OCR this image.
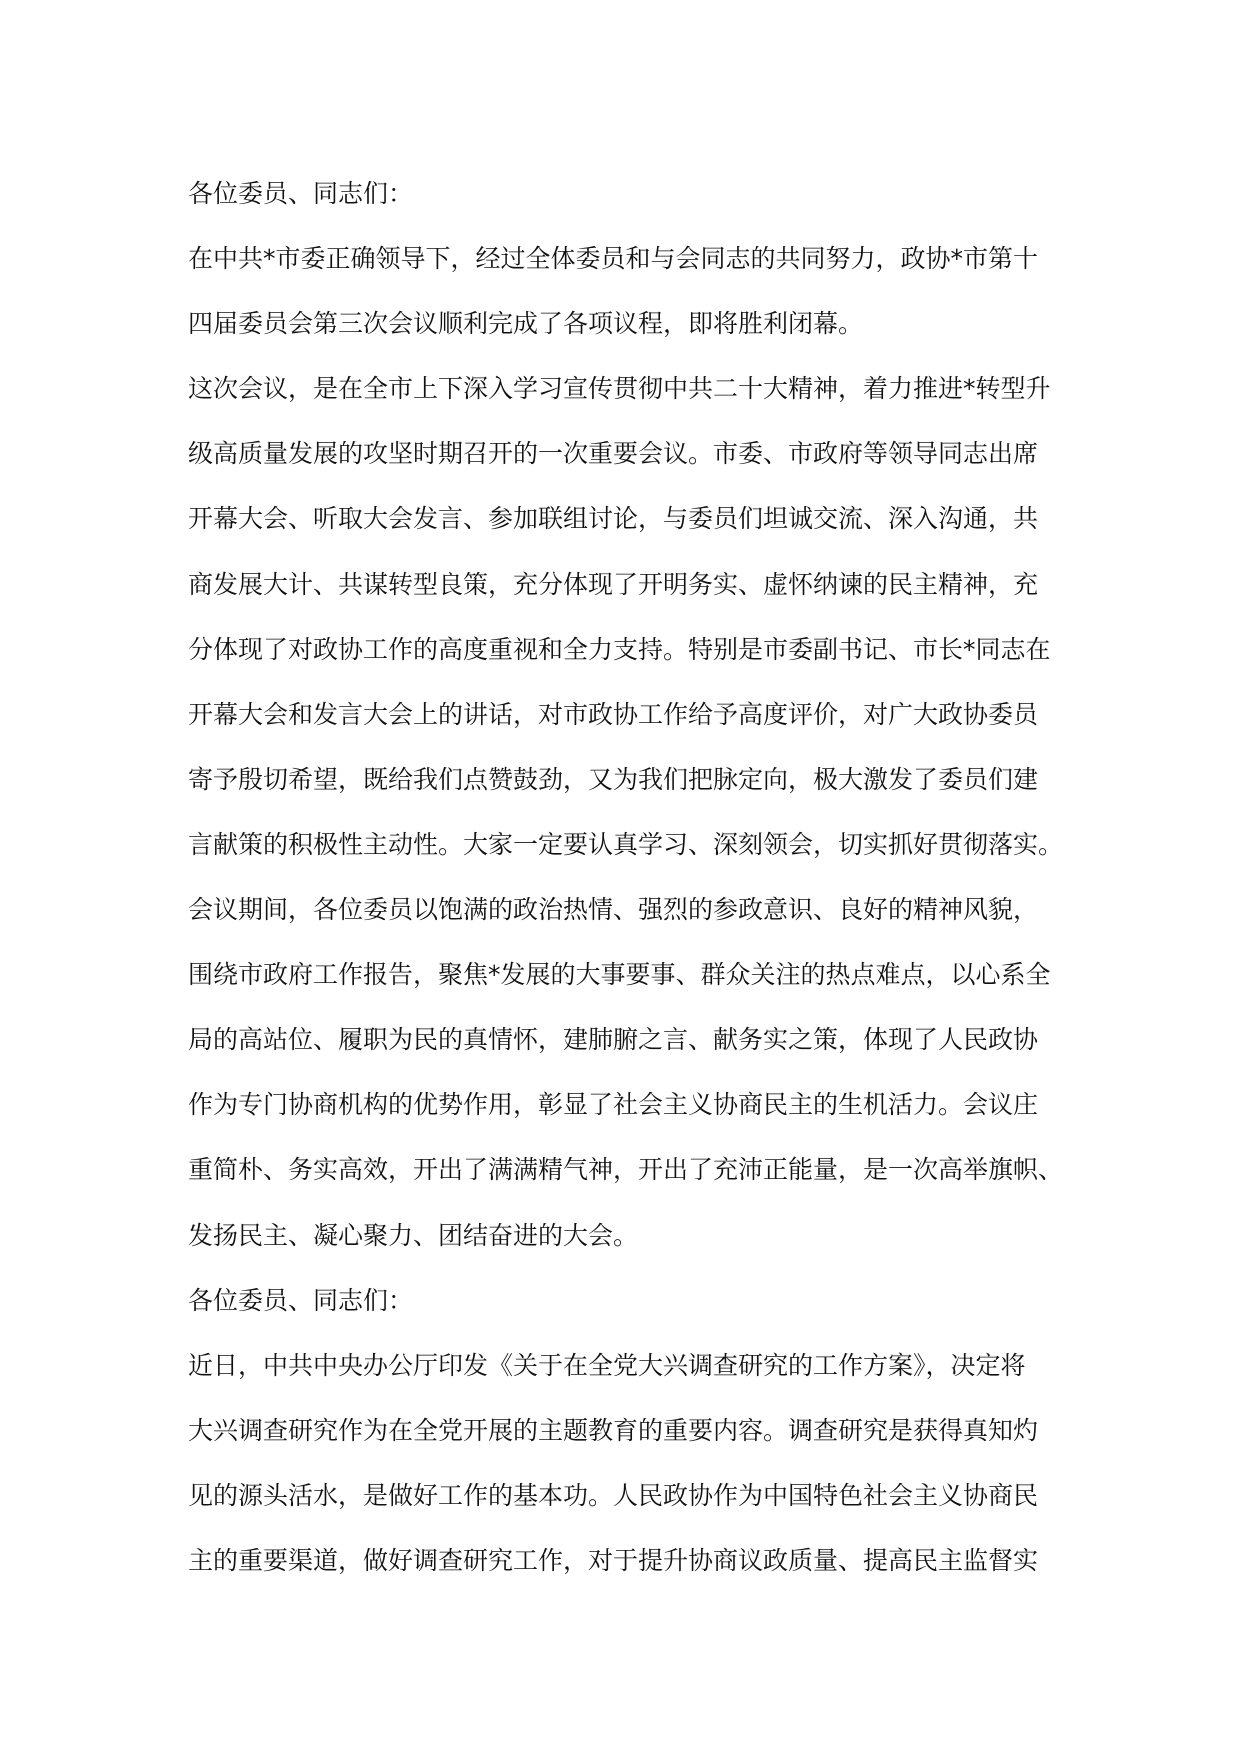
各位委员、同志们：
在中共*市委正确领导下，经过全体委员和与会同志的共同努力，政协*市第十
四届委员会第三次会议顺利完成了各项议程，即将胜利闭幕。
这次会议，是在全市上下深入学习宣传贯彻中共二十大精神，着力推进*转型升
级高质量发展的攻坚时期召开的一次重要会议。市委、市政府等领导同志出席
开幕大会、听取大会发言、参加联组讨论，与委员们坦诚交流、深入沟通，共
商发展大计、共谋转型良策，充分体现了开明务实、虚怀纳谏的民主精神，充
分体现了对政协工作的高度重视和全力支持。特别是市委副书记、市长*同志在
开幕大会和发言大会上的讲话，对市政协工作给予高度评价，对广大政协委员
寄予殷切希望，既给我们点赞鼓劲，又为我们把脉定向，极大激发了委员们建
言献策的积极性主动性。大家一定要认真学习、深刻领会，切实抓好贯彻落实。
会议期间，各位委员以饱满的政治热情、强烈的参政意识、良好的精神风貌，
围绕市政府工作报告，聚焦*发展的大事要事、群众关注的热点难点，以心系全
局的高站位、履职为民的真情怀，建肺腑之言、献务实之策，体现了人民政协
作为专门协商机构的优势作用，彰显了社会主义协商民主的生机活力。会议庄
重简朴、务实高效，开出了满满精气神，开出了充沛正能量，是一次高举旗帜、
发扬民主、凝心聚力、团结奋进的大会。
各位委员、同志们：
近日，中共中央办公厅印发《关于在全党大兴调查研究的工作方案》，决定将
大兴调查研究作为在全党开展的主题教育的重要内容。调查研究是获得真知灼
见的源头活水，是做好工作的基本功。人民政协作为中国特色社会主义协商民
主的重要渠道，做好调查研究工作，对于提升协商议政质量、提高民主监督实
